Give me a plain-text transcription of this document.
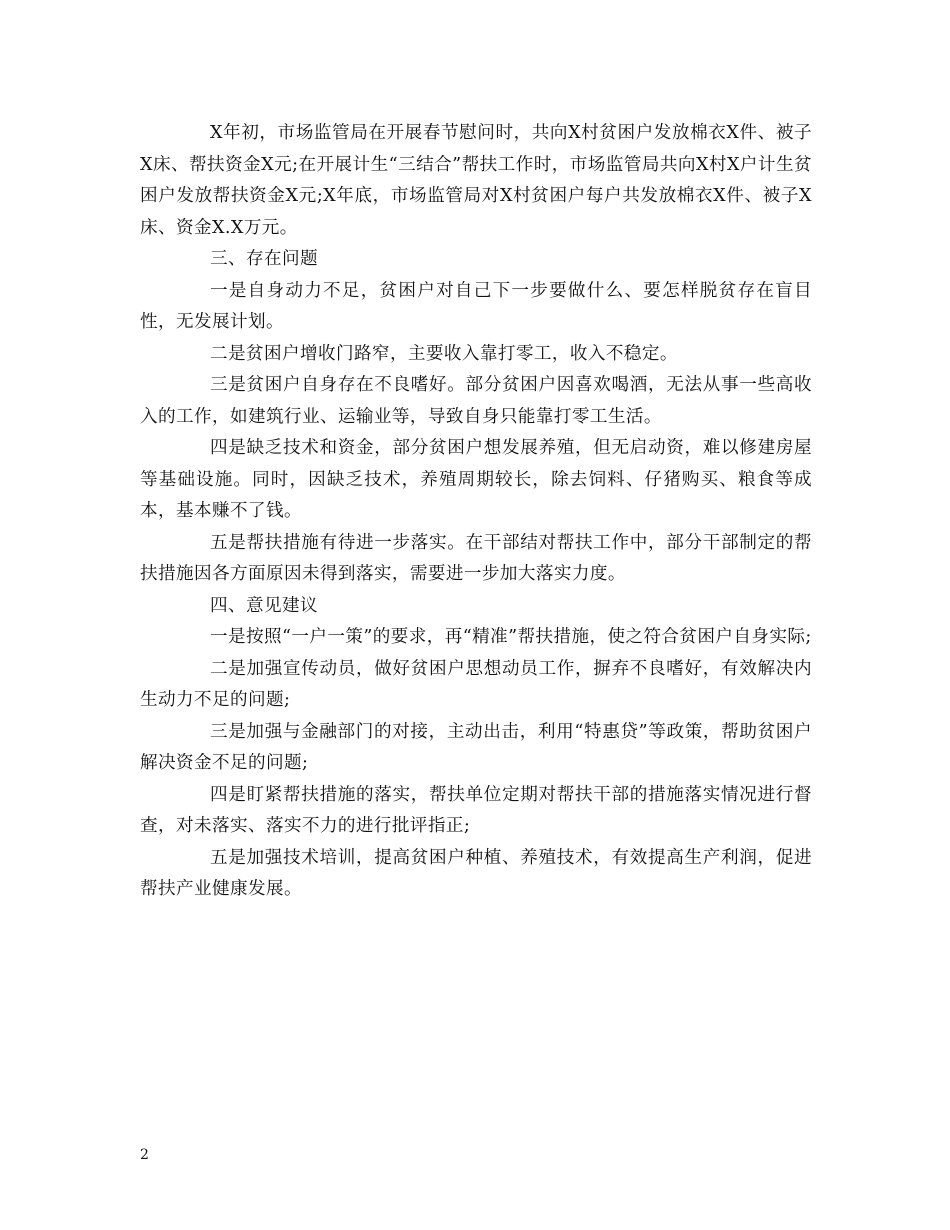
X年初，市场监管局在开展春节慰问时，共向X村贫困户发放棉衣X件、被子X床、帮扶资金X元;在开展计生“三结合”帮扶工作时，市场监管局共向X村X户计生贫困户发放帮扶资金X元;X年底，市场监管局对X村贫困户每户共发放棉衣X件、被子X床、资金X.X万元。

三、存在问题

一是自身动力不足，贫困户对自己下一步要做什么、要怎样脱贫存在盲目性，无发展计划。

二是贫困户增收门路窄，主要收入靠打零工，收入不稳定。

三是贫困户自身存在不良嗜好。部分贫困户因喜欢喝酒，无法从事一些高收入的工作，如建筑行业、运输业等，导致自身只能靠打零工生活。

四是缺乏技术和资金，部分贫困户想发展养殖，但无启动资，难以修建房屋等基础设施。同时，因缺乏技术，养殖周期较长，除去饲料、仔猪购买、粮食等成本，基本赚不了钱。

五是帮扶措施有待进一步落实。在干部结对帮扶工作中，部分干部制定的帮扶措施因各方面原因未得到落实，需要进一步加大落实力度。

四、意见建议

一是按照“一户一策”的要求，再“精准”帮扶措施，使之符合贫困户自身实际;

二是加强宣传动员，做好贫困户思想动员工作，摒弃不良嗜好，有效解决内生动力不足的问题;

三是加强与金融部门的对接，主动出击，利用“特惠贷”等政策，帮助贫困户解决资金不足的问题;

四是盯紧帮扶措施的落实，帮扶单位定期对帮扶干部的措施落实情况进行督查，对未落实、落实不力的进行批评指正;

五是加强技术培训，提高贫困户种植、养殖技术，有效提高生产利润，促进帮扶产业健康发展。

2
